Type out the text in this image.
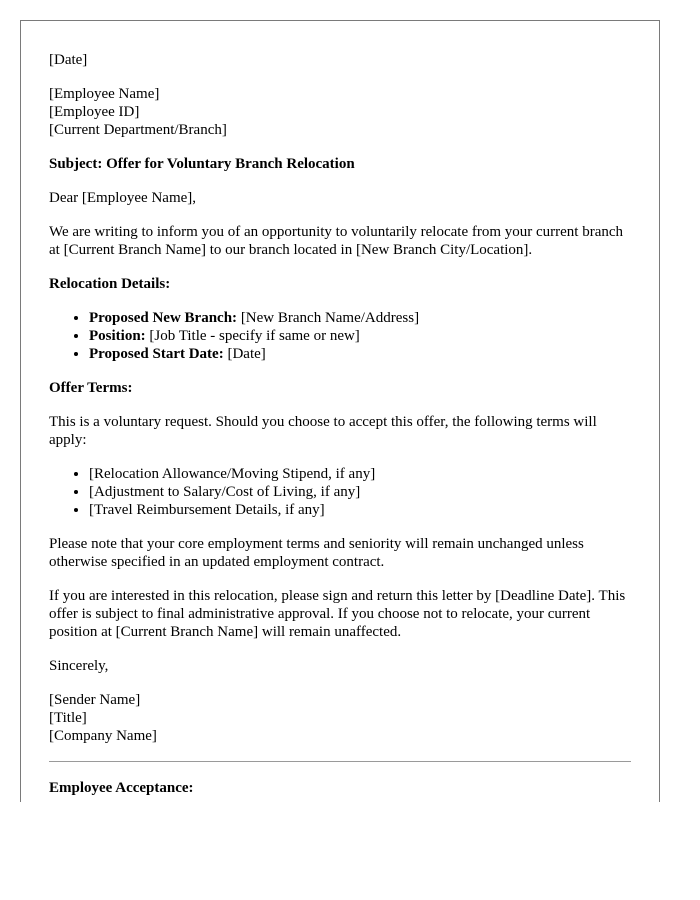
[Date]

[Employee Name]
[Employee ID]
[Current Department/Branch]

Subject: Offer for Voluntary Branch Relocation

Dear [Employee Name],

We are writing to inform you of an opportunity to voluntarily relocate from your current branch at [Current Branch Name] to our branch located in [New Branch City/Location].

Relocation Details:

• Proposed New Branch: [New Branch Name/Address]
• Position: [Job Title - specify if same or new]
• Proposed Start Date: [Date]

Offer Terms:

This is a voluntary request. Should you choose to accept this offer, the following terms will apply:

• [Relocation Allowance/Moving Stipend, if any]
• [Adjustment to Salary/Cost of Living, if any]
• [Travel Reimbursement Details, if any]

Please note that your core employment terms and seniority will remain unchanged unless otherwise specified in an updated employment contract.

If you are interested in this relocation, please sign and return this letter by [Deadline Date]. This offer is subject to final administrative approval. If you choose not to relocate, your current position at [Current Branch Name] will remain unaffected.

Sincerely,

[Sender Name]
[Title]
[Company Name]

Employee Acceptance:
